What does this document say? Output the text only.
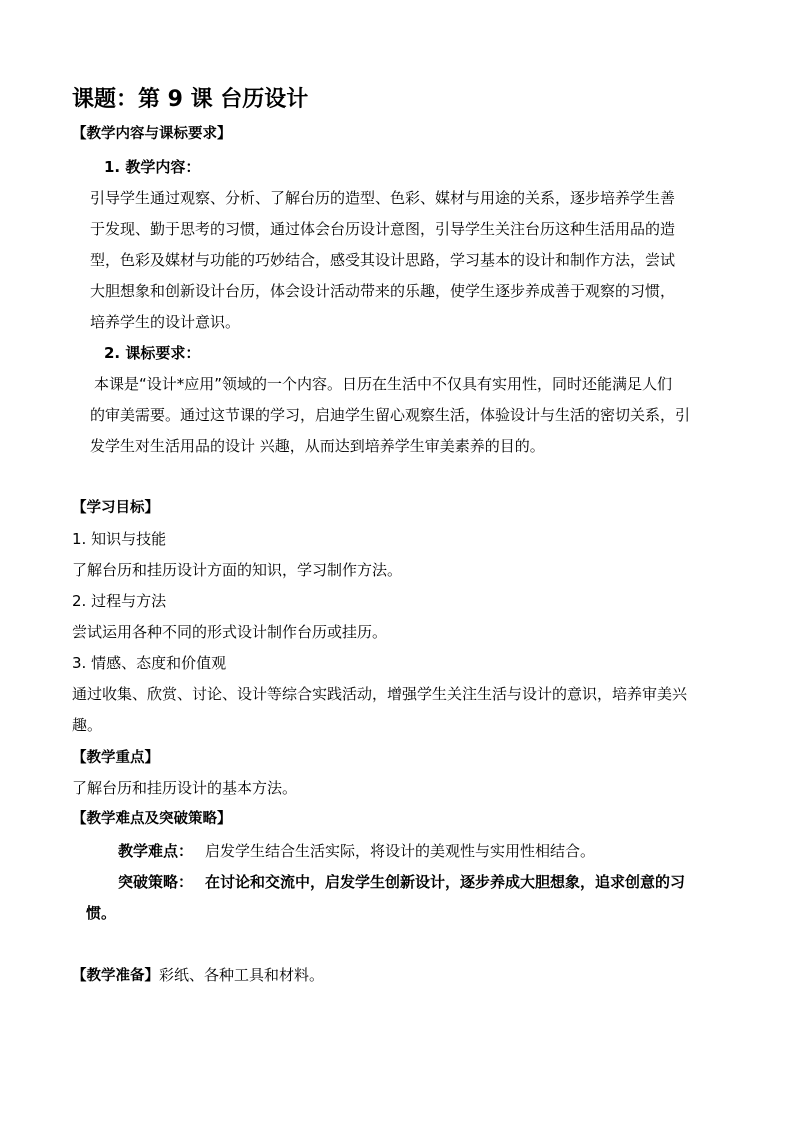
课题：第 9 课 台历设计
【教学内容与课标要求】
1. 教学内容：
引导学生通过观察、分析、了解台历的造型、色彩、媒材与用途的关系，逐步培养学生善
于发现、勤于思考的习惯，通过体会台历设计意图，引导学生关注台历这种生活用品的造
型，色彩及媒材与功能的巧妙结合，感受其设计思路，学习基本的设计和制作方法，尝试
大胆想象和创新设计台历，体会设计活动带来的乐趣，使学生逐步养成善于观察的习惯，
培养学生的设计意识。
2. 课标要求：
本课是“设计*应用”领域的一个内容。日历在生活中不仅具有实用性，同时还能满足人们
的审美需要。通过这节课的学习，启迪学生留心观察生活，体验设计与生活的密切关系，引
发学生对生活用品的设计 兴趣，从而达到培养学生审美素养的目的。
【学习目标】
1. 知识与技能
了解台历和挂历设计方面的知识，学习制作方法。
2. 过程与方法
尝试运用各种不同的形式设计制作台历或挂历。
3. 情感、态度和价值观
通过收集、欣赏、讨论、设计等综合实践活动，增强学生关注生活与设计的意识，培养审美兴
趣。
【教学重点】
了解台历和挂历设计的基本方法。
【教学难点及突破策略】
教学难点： 启发学生结合生活实际，将设计的美观性与实用性相结合。
突破策略： 在讨论和交流中，启发学生创新设计，逐步养成大胆想象，追求创意的习
惯。
【教学准备】彩纸、各种工具和材料。
